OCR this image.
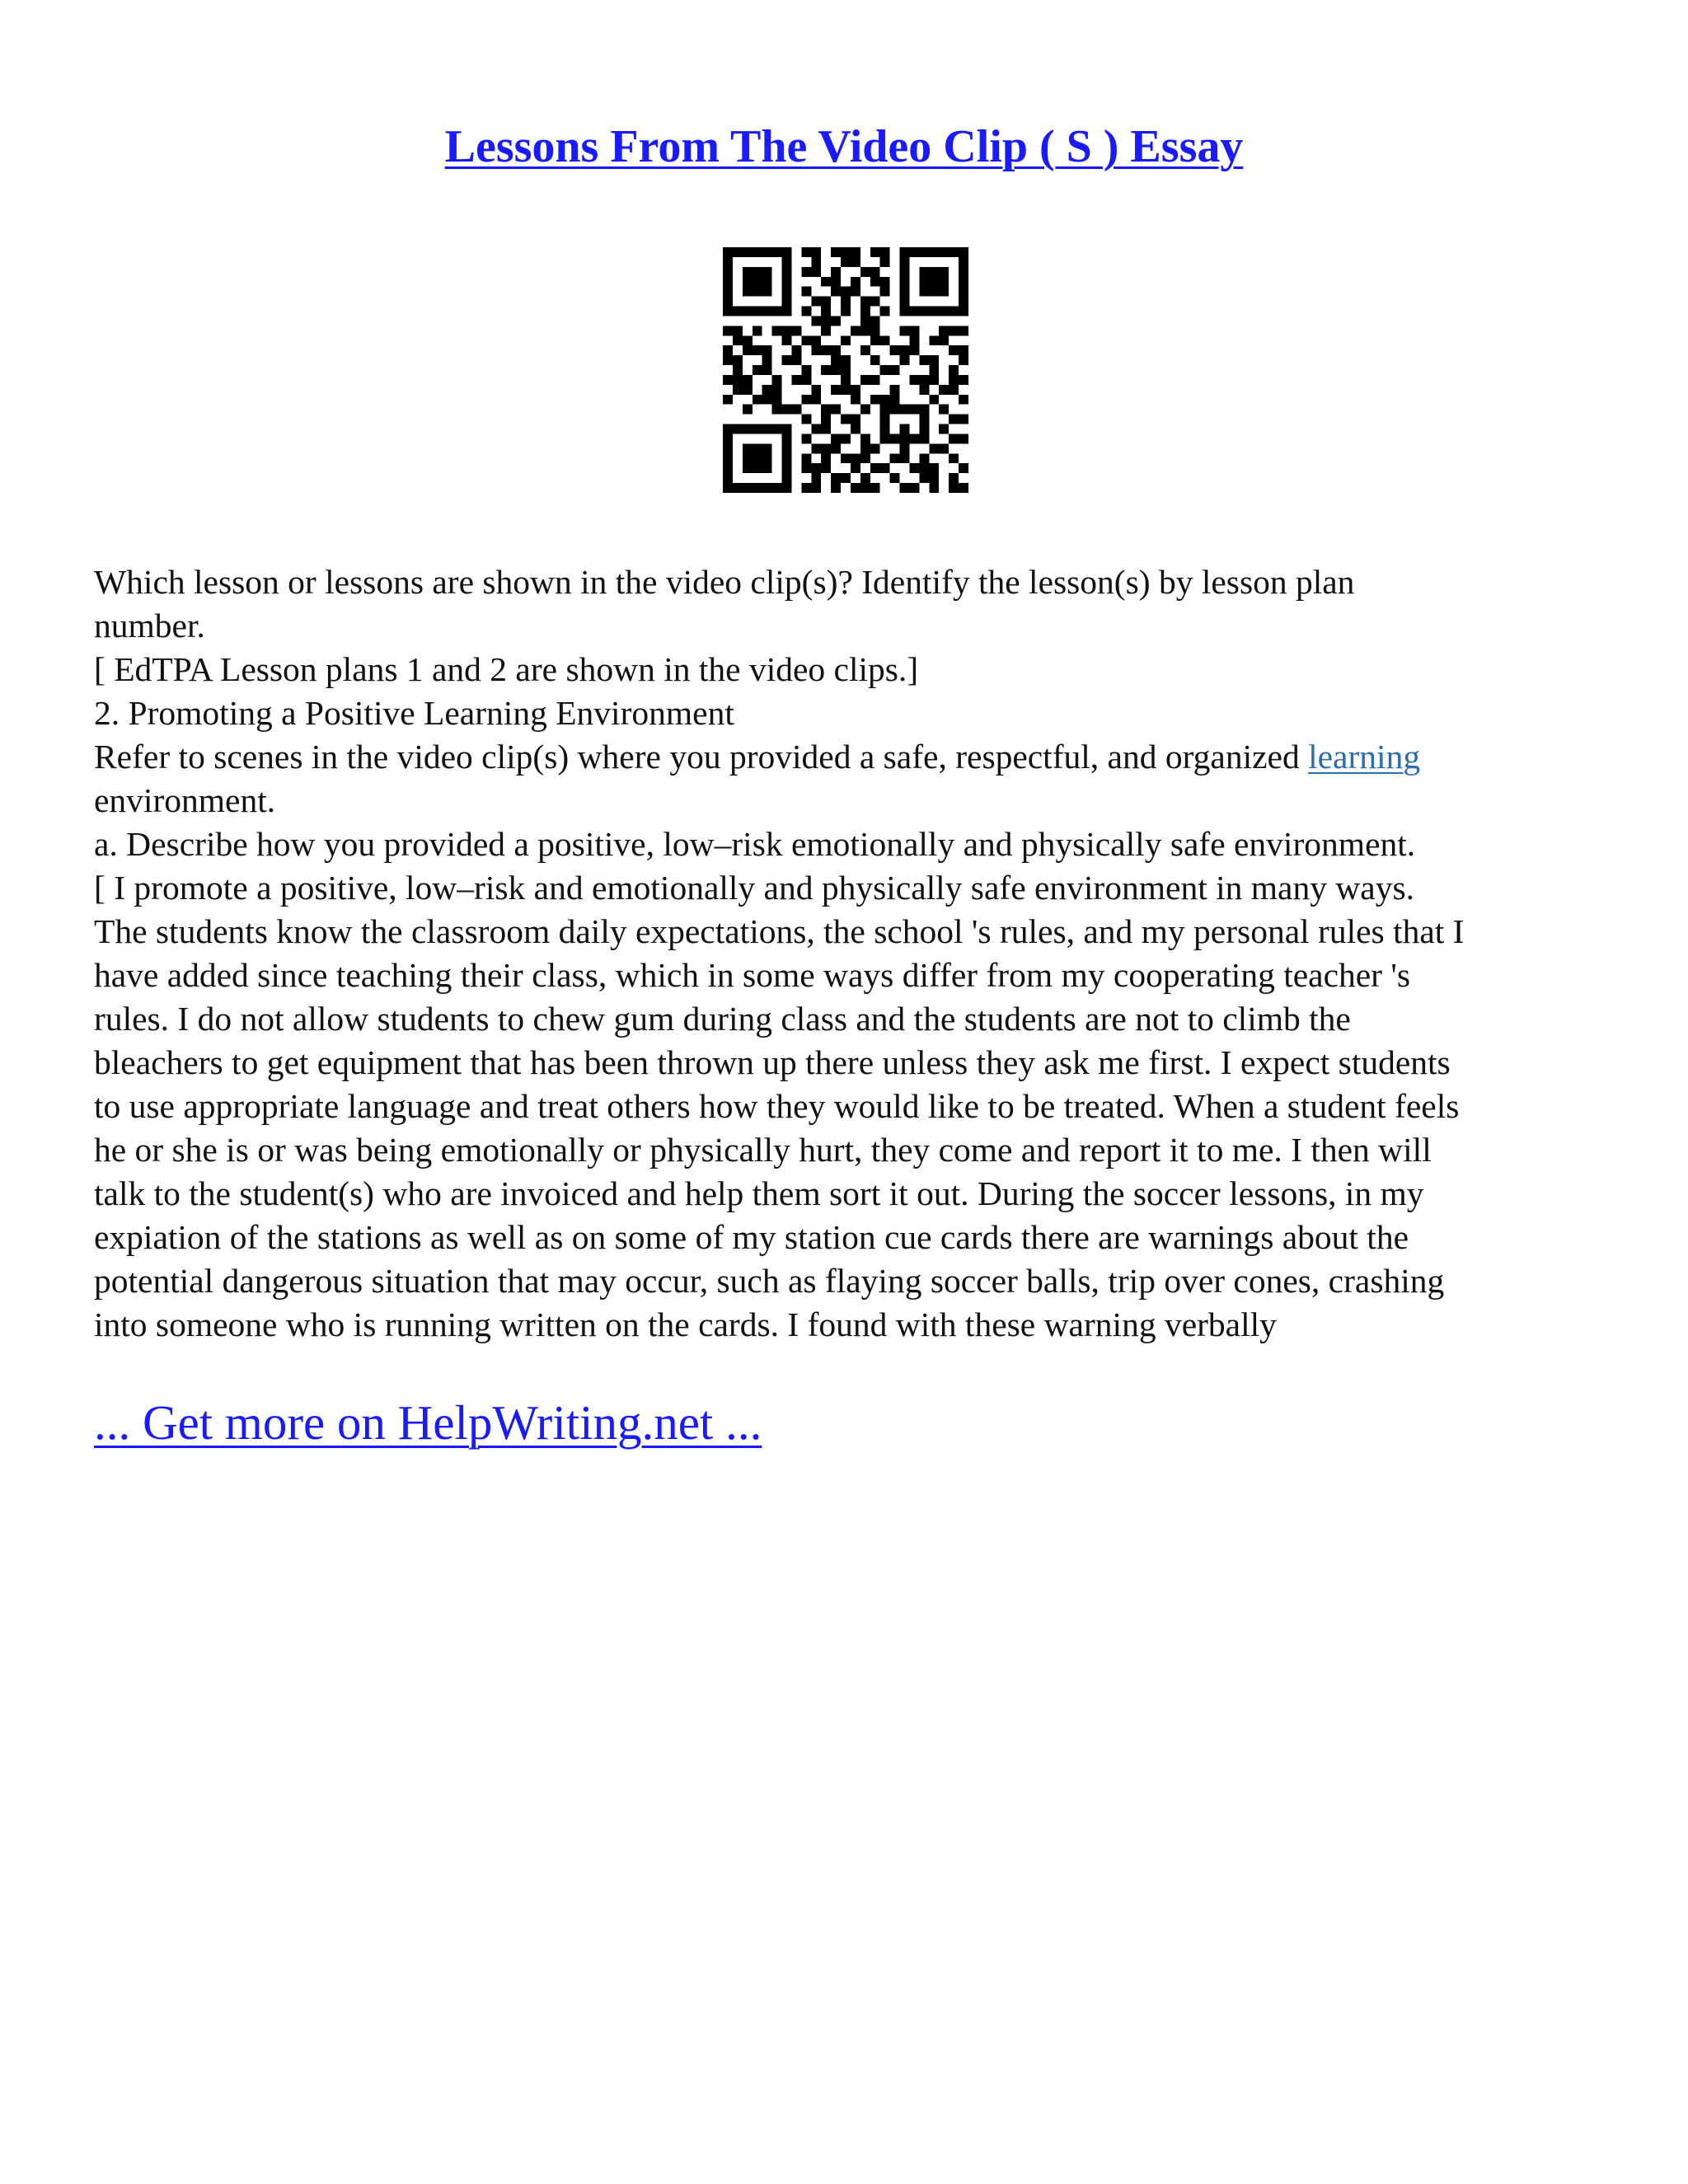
Lessons From The Video Clip ( S ) Essay

Which lesson or lessons are shown in the video clip(s)? Identify the lesson(s) by lesson plan

number.

[ EdTPA Lesson plans 1 and 2 are shown in the video clips.]

2. Promoting a Positive Learning Environment

Refer to scenes in the video clip(s) where you provided a safe, respectful, and organized learning

environment.

a. Describe how you provided a positive, low–risk emotionally and physically safe environment.

[ I promote a positive, low–risk and emotionally and physically safe environment in many ways.

The students know the classroom daily expectations, the school 's rules, and my personal rules that I

have added since teaching their class, which in some ways differ from my cooperating teacher 's

rules. I do not allow students to chew gum during class and the students are not to climb the

bleachers to get equipment that has been thrown up there unless they ask me first. I expect students

to use appropriate language and treat others how they would like to be treated. When a student feels

he or she is or was being emotionally or physically hurt, they come and report it to me. I then will

talk to the student(s) who are invoiced and help them sort it out. During the soccer lessons, in my

expiation of the stations as well as on some of my station cue cards there are warnings about the

potential dangerous situation that may occur, such as flaying soccer balls, trip over cones, crashing

into someone who is running written on the cards. I found with these warning verbally

... Get more on HelpWriting.net ...
